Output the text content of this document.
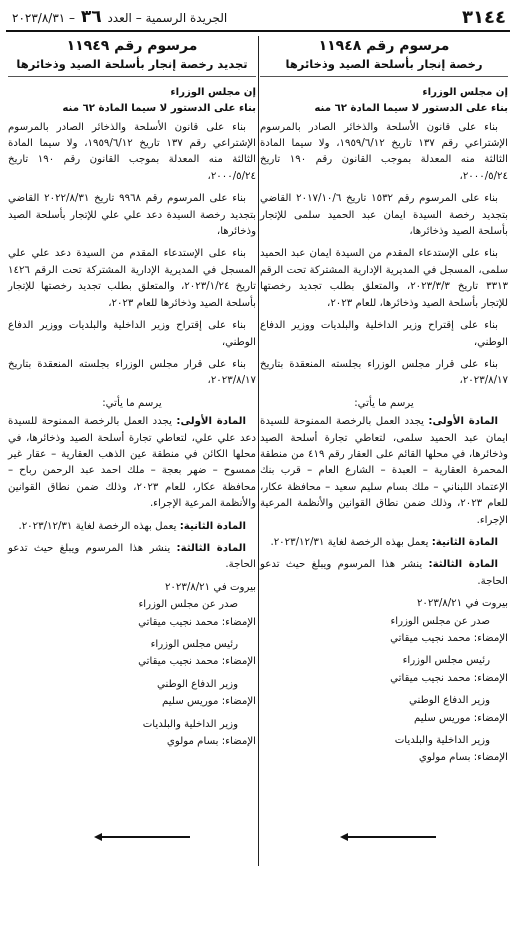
٣١٤٤
الجريدة الرسمية – العدد ٣٦ – ٢٠٢٣/٨/٣١
مرسوم رقم ١١٩٤٨
رخصة إنجار بأسلحة الصيد وذخائرها
إن مجلس الوزراء
بناء على الدستور لا سيما المادة ٦٢ منه

بناء على قانون الأسلحة والذخائر الصادر بالمرسوم الإشتراعي رقم ١٣٧ تاريخ ١٩٥٩/٦/١٢، ولا سيما المادة الثالثة منه المعدلة بموجب القانون رقم ١٩٠ تاريخ ٢٠٠٠/٥/٢٤،

بناء على المرسوم رقم ١٥٣٢ تاريخ ٢٠١٧/١٠/٦ القاضي بتجديد رخصة السيدة ايمان عبد الحميد سلمى للإتجار بأسلحة الصيد وذخائرها،

بناء على الإستدعاء المقدم من السيدة ايمان عبد الحميد سلمى، المسجل في المديرية الإدارية المشتركة تحت الرقم ٣٣١٣ تاريخ ٢٠٢٣/٣/٣، والمتعلق بطلب تجديد رخصتها للإتجار بأسلحة الصيد وذخائرها، للعام ٢٠٢٣،

بناء على إقتراح وزير الداخلية والبلديات ووزير الدفاع الوطني،

بناء على قرار مجلس الوزراء بجلسته المنعقدة بتاريخ ٢٠٢٣/٨/١٧،

يرسم ما يأتي:

المادة الأولى: يجدد العمل بالرخصة الممنوحة للسيدة ايمان عبد الحميد سلمى، لتعاطي تجارة أسلحة الصيد وذخائرها، في محلها القائم على العقار رقم ٤١٩ من منطقة المحمرة العقارية – العبدة – الشارع العام – قرب بنك الإعتماد اللبناني – ملك بسام سليم سعيد – محافظة عكار، للعام ٢٠٢٣، وذلك ضمن نطاق القوانين والأنظمة المرعية الإجراء.

المادة الثانية: يعمل بهذه الرخصة لغاية ٢٠٢٣/١٢/٣١.

المادة الثالثة: ينشر هذا المرسوم ويبلغ حيث تدعو الحاجة.

بيروت في ٢٠٢٣/٨/٢١
صدر عن مجلس الوزراء
الإمضاء: محمد نجيب ميقاتي
رئيس مجلس الوزراء
الإمضاء: محمد نجيب ميقاتي
وزير الدفاع الوطني
الإمضاء: موريس سليم
وزير الداخلية والبلديات
الإمضاء: بسام مولوي
مرسوم رقم ١١٩٤٩
تجديد رخصة إنجار بأسلحة الصيد وذخائرها
إن مجلس الوزراء
بناء على الدستور لا سيما المادة ٦٢ منه

بناء على قانون الأسلحة والذخائر الصادر بالمرسوم الإشتراعي رقم ١٣٧ تاريخ ١٩٥٩/٦/١٢، ولا سيما المادة الثالثة منه المعدلة بموجب القانون رقم ١٩٠ تاريخ ٢٠٠٠/٥/٢٤،

بناء على المرسوم رقم ٩٩٦٨ تاريخ ٢٠٢٢/٨/٣١ القاضي بتجديد رخصة السيدة دعد علي علي للإتجار بأسلحة الصيد وذخائرها،

بناء على الإستدعاء المقدم من السيدة دعد علي علي المسجل في المديرية الإدارية المشتركة تحت الرقم ١٤٢٦ تاريخ ٢٠٢٣/١/٢٤، والمتعلق بطلب تجديد رخصتها للإتجار بأسلحة الصيد وذخائرها للعام ٢٠٢٣،

بناء على إقتراح وزير الداخلية والبلديات ووزير الدفاع الوطني،

بناء على قرار مجلس الوزراء بجلسته المنعقدة بتاريخ ٢٠٢٣/٨/١٧،

يرسم ما يأتي:

المادة الأولى: يجدد العمل بالرخصة الممنوحة للسيدة دعد علي علي، لتعاطي تجارة أسلحة الصيد وذخائرها، في محلها الكائن في منطقة عين الذهب العقارية – عقار غير ممسوح – ضهر بعجة – ملك احمد عبد الرحمن رباح – محافظة عكار، للعام ٢٠٢٣، وذلك ضمن نطاق القوانين والأنظمة المرعية الإجراء.

المادة الثانية: يعمل بهذه الرخصة لغاية ٢٠٢٣/١٢/٣١.

المادة الثالثة: ينشر هذا المرسوم ويبلغ حيث تدعو الحاجة.

بيروت في ٢٠٢٣/٨/٢١
صدر عن مجلس الوزراء
الإمضاء: محمد نجيب ميقاتي
رئيس مجلس الوزراء
الإمضاء: محمد نجيب ميقاتي
وزير الدفاع الوطني
الإمضاء: موريس سليم
وزير الداخلية والبلديات
الإمضاء: بسام مولوي
